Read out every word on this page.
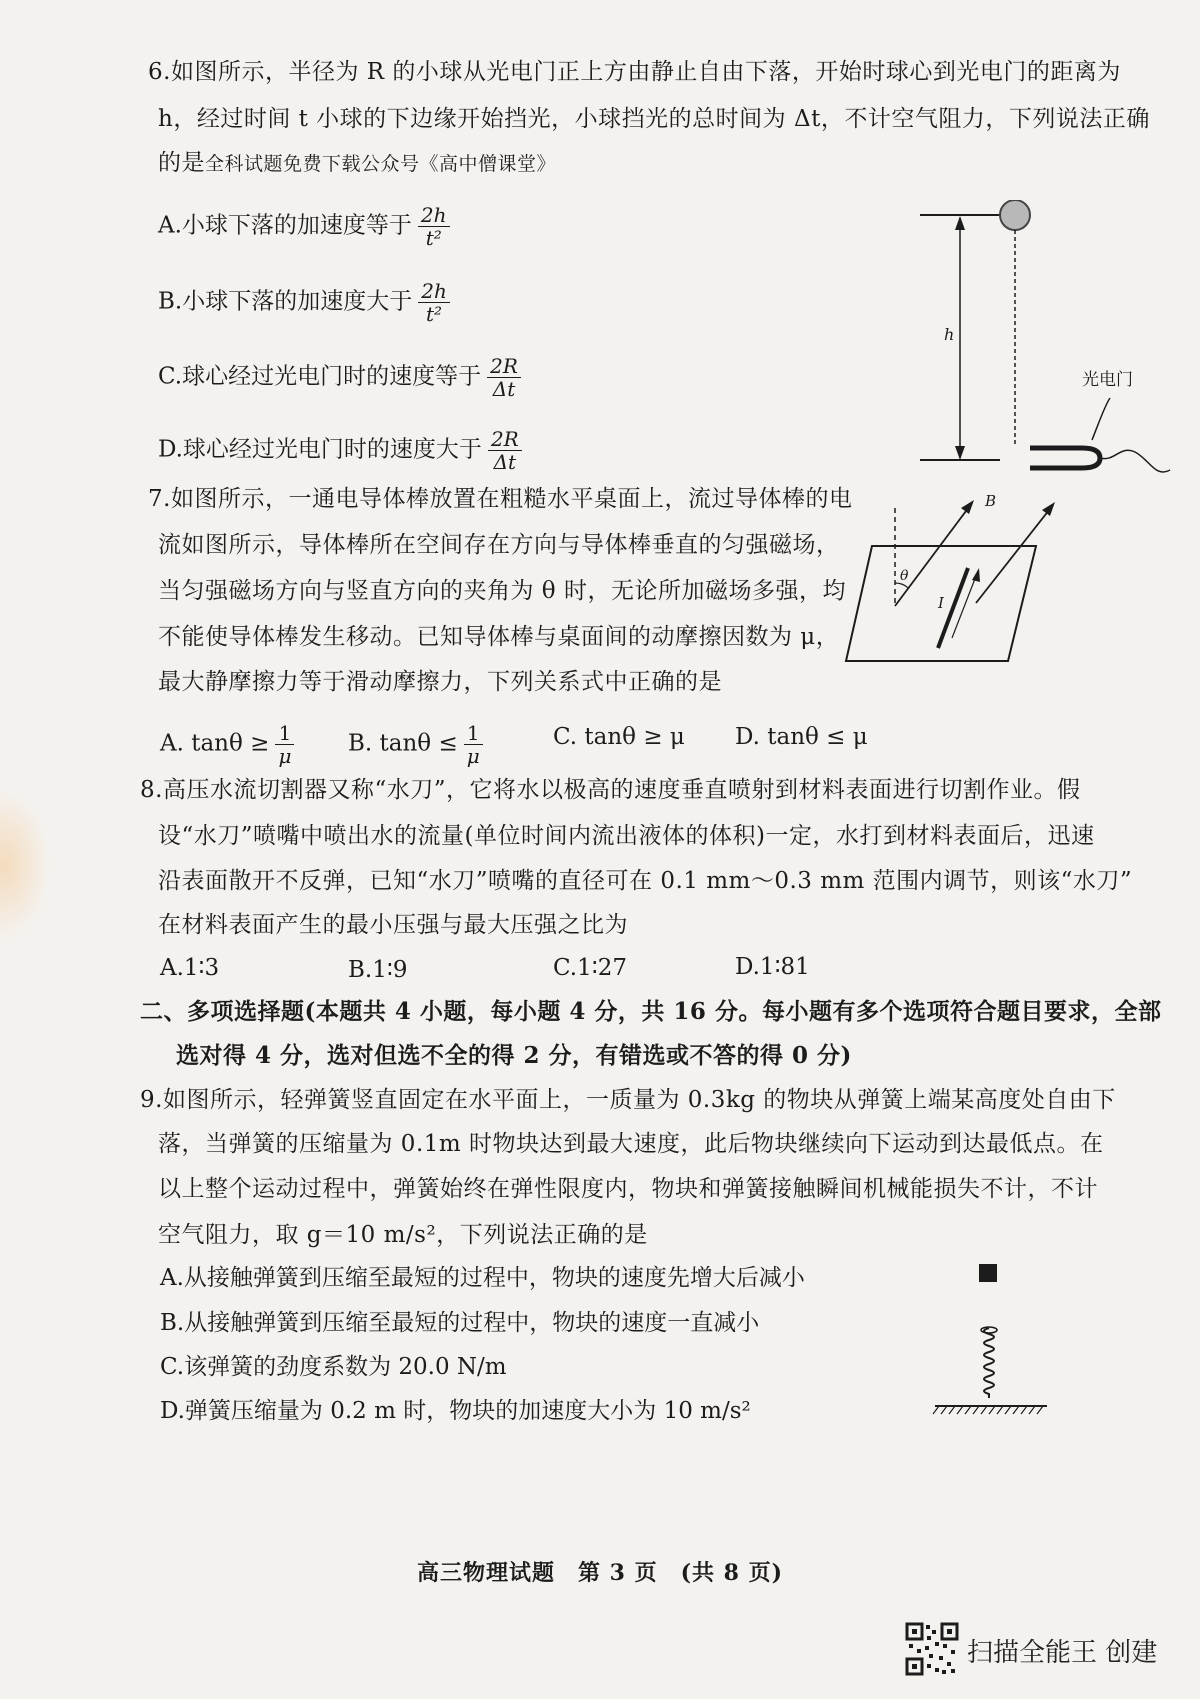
6.如图所示，半径为 R 的小球从光电门正上方由静止自由下落，开始时球心到光电门的距离为
h，经过时间 t 小球的下边缘开始挡光，小球挡光的总时间为 Δt，不计空气阻力，下列说法正确
的是全科试题免费下载公众号《高中僧课堂》
A.小球下落的加速度等于 $\frac{2h}{\text{t²}}$
B.小球下落的加速度大于 $\frac{2h}{\text{t²}}$
C.球心经过光电门时的速度等于 $\frac{2R}{\Delta t}$
D.球心经过光电门时的速度大于 $\frac{2R}{\Delta t}$
h
光电门
7.如图所示，一通电导体棒放置在粗糙水平桌面上，流过导体棒的电
流如图所示，导体棒所在空间存在方向与导体棒垂直的匀强磁场，
当匀强磁场方向与竖直方向的夹角为 θ 时，无论所加磁场多强，均
不能使导体棒发生移动。已知导体棒与桌面间的动摩擦因数为 μ，
最大静摩擦力等于滑动摩擦力，下列关系式中正确的是
A. $\tan\theta \ge \frac{1}{\mu} B$. $\tan\theta \le \frac{1}{\mu}$	C. tanθ ≥ μ D. tanθ ≤ μ
B
θ
I
8.高压水流切割器又称“水刀”，它将水以极高的速度垂直喷射到材料表面进行切割作业。假
设“水刀”喷嘴中喷出水的流量(单位时间内流出液体的体积)一定，水打到材料表面后，迅速
沿表面散开不反弹，已知“水刀”喷嘴的直径可在 0.1 mm～0.3 mm 范围内调节，则该“水刀”
在材料表面产生的最小压强与最大压强之比为
A.1∶3	B.1∶9	C.1∶27	D.1∶81
二、多项选择题(本题共 4 小题，每小题 4 分，共 16 分。每小题有多个选项符合题目要求，全部
选对得 4 分，选对但选不全的得 2 分，有错选或不答的得 0 分)
9.如图所示，轻弹簧竖直固定在水平面上，一质量为 0.3kg 的物块从弹簧上端某高度处自由下
落，当弹簧的压缩量为 0.1m 时物块达到最大速度，此后物块继续向下运动到达最低点。在
以上整个运动过程中，弹簧始终在弹性限度内，物块和弹簧接触瞬间机械能损失不计，不计
空气阻力，取 g＝10 m/s²，下列说法正确的是
A.从接触弹簧到压缩至最短的过程中，物块的速度先增大后减小
B.从接触弹簧到压缩至最短的过程中，物块的速度一直减小
C.该弹簧的劲度系数为 20.0 N/m
D.弹簧压缩量为 0.2 m 时，物块的加速度大小为 10 m/s²
高三物理试题　第 3 页　(共 8 页)
扫描全能王 创建
